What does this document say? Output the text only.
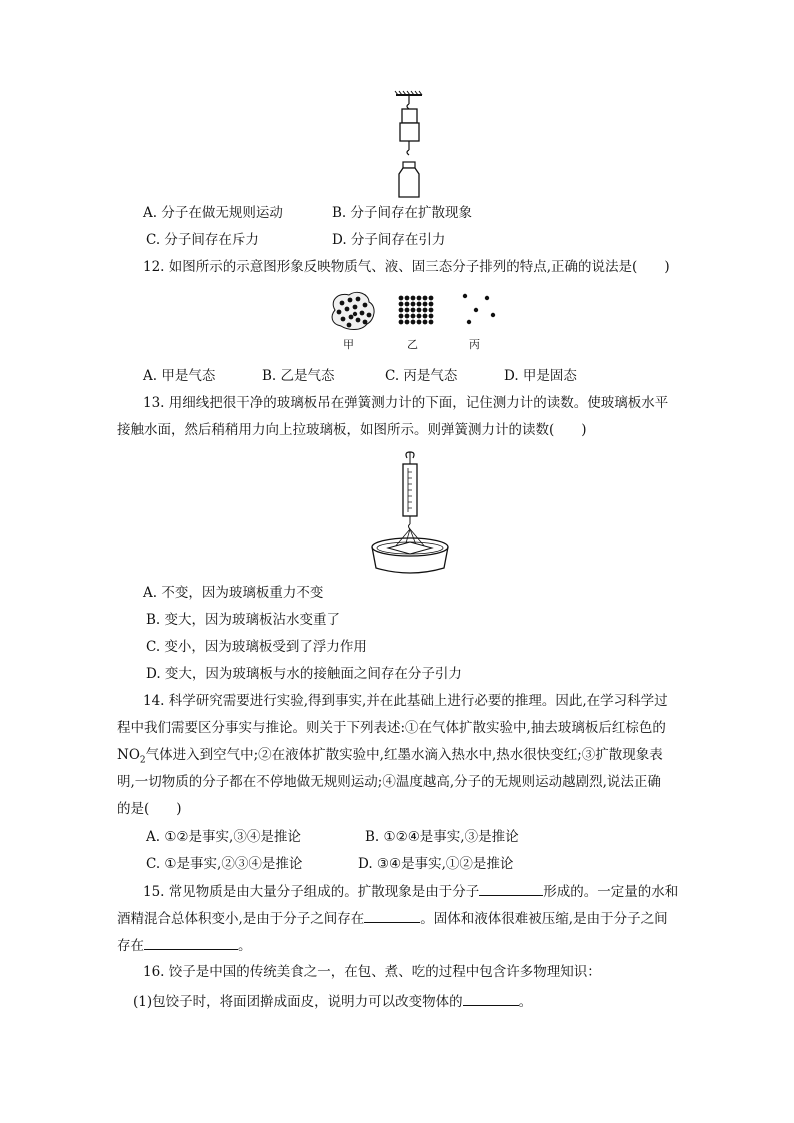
A. 分子在做无规则运动	B. 分子间存在扩散现象
C. 分子间存在斥力	D. 分子间存在引力
12. 如图所示的示意图形象反映物质气、液、固三态分子排列的特点,正确的说法是(　　)
甲	乙	丙
A. 甲是气态	B. 乙是气态	C. 丙是气态	D. 甲是固态
13. 用细线把很干净的玻璃板吊在弹簧测力计的下面，记住测力计的读数。使玻璃板水平
接触水面，然后稍稍用力向上拉玻璃板，如图所示。则弹簧测力计的读数(　　)
A. 不变，因为玻璃板重力不变
B. 变大，因为玻璃板沾水变重了
C. 变小，因为玻璃板受到了浮力作用
D. 变大，因为玻璃板与水的接触面之间存在分子引力
14. 科学研究需要进行实验,得到事实,并在此基础上进行必要的推理。因此,在学习科学过
程中我们需要区分事实与推论。则关于下列表述:①在气体扩散实验中,抽去玻璃板后红棕色的
$NO_2$气体进入到空气中;②在液体扩散实验中,红墨水滴入热水中,热水很快变红;③扩散现象表
明,一切物质的分子都在不停地做无规则运动;④温度越高,分子的无规则运动越剧烈,说法正确
的是(　　)
A. ①②是事实,③④是推论	B. ①②④是事实,③是推论
C. ①是事实,②③④是推论	D. ③④是事实,①②是推论
15. 常见物质是由大量分子组成的。扩散现象是由于分子	形成的。一定量的水和
酒精混合总体积变小,是由于分子之间存在	。固体和液体很难被压缩,是由于分子之间
存在	。
16. 饺子是中国的传统美食之一，在包、煮、吃的过程中包含许多物理知识：
(1)包饺子时，将面团擀成面皮，说明力可以改变物体的	。
